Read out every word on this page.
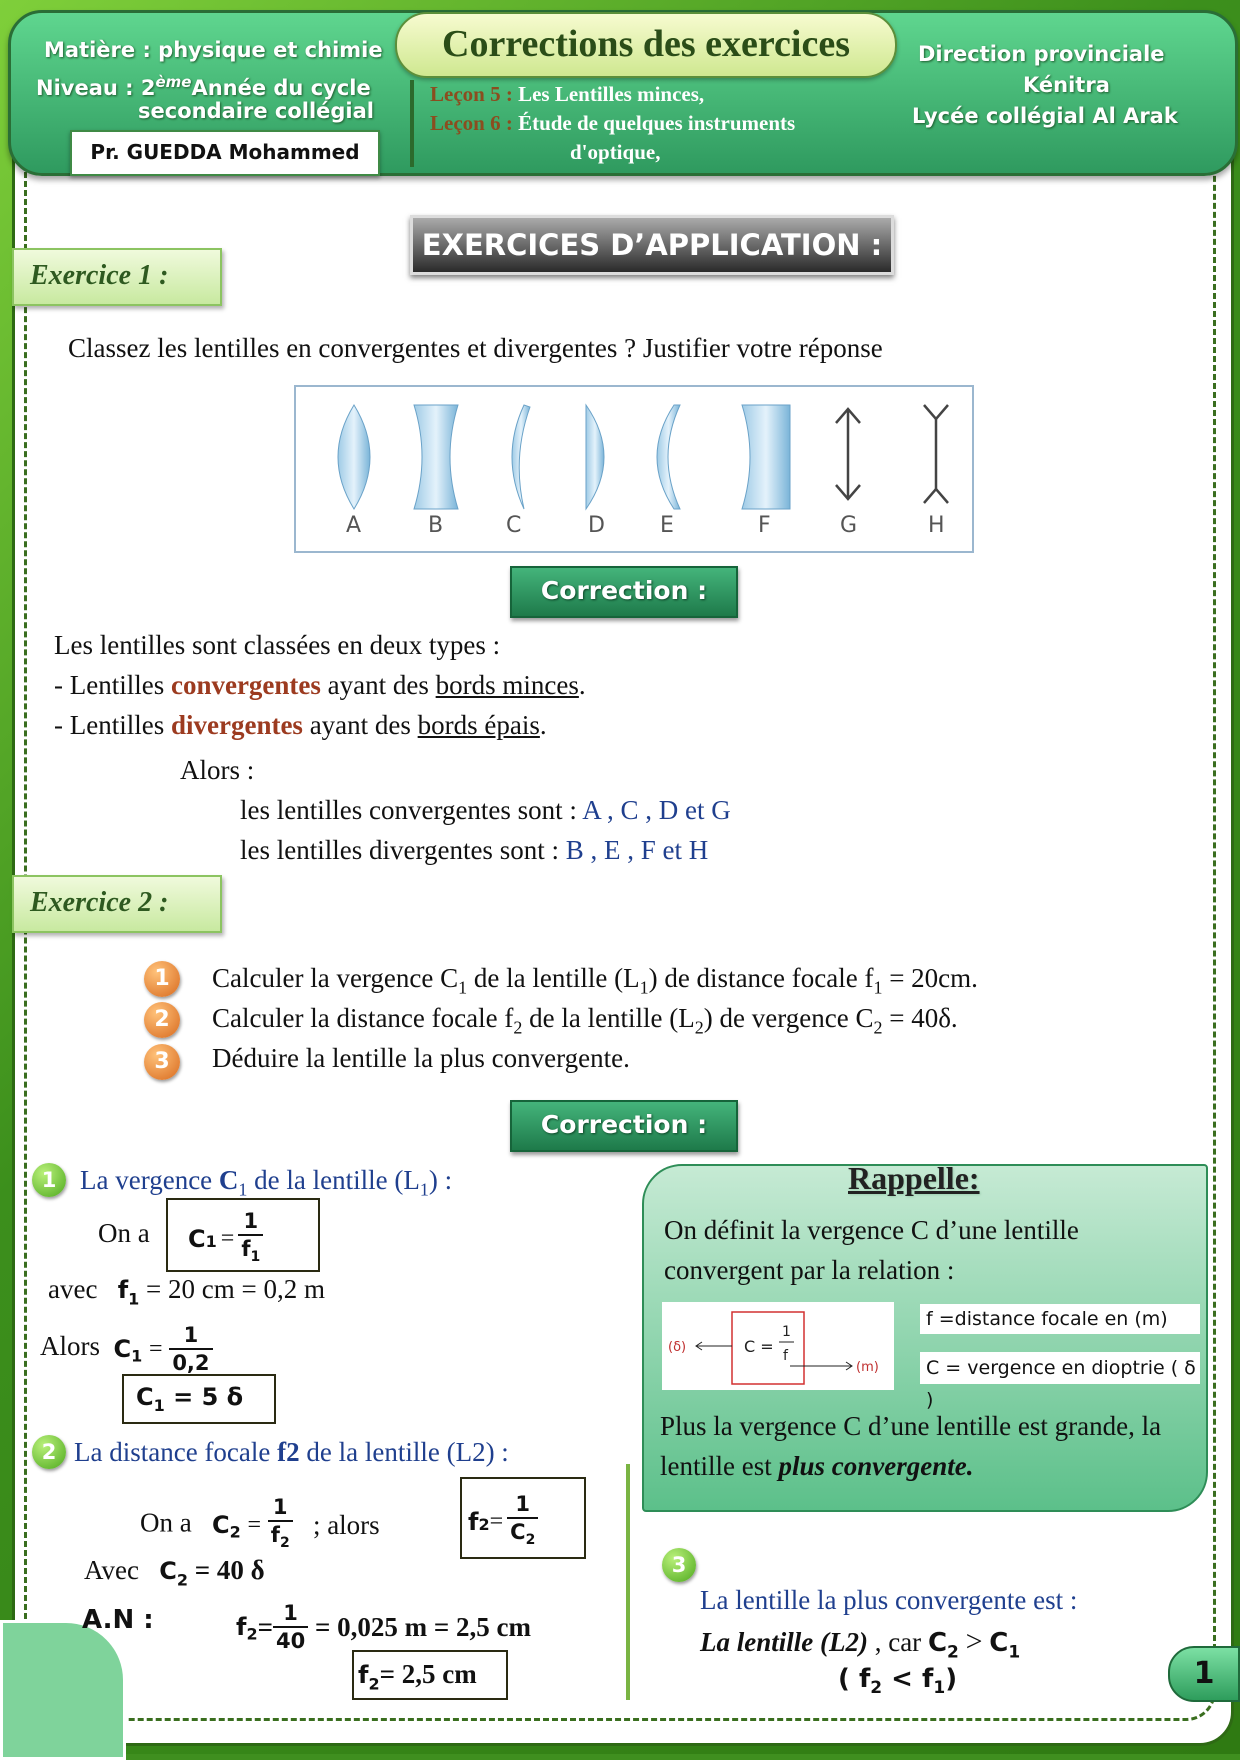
Matière : physique et chimie
Niveau : 2èmeAnnée du cycle
secondaire collégial
Pr. GUEDDA Mohammed
Corrections des exercices
Leçon 5 : Les Lentilles minces,
Leçon 6 : Étude de quelques instruments
d'optique,
Direction provinciale
Kénitra
Lycée collégial Al Arak
EXERCICES D’APPLICATION :
Exercice 1 :
Classez les lentilles en convergentes et divergentes ? Justifier votre réponse
A	B	C	D	E	F	G	H
Correction :
Les lentilles sont classées en deux types :
- Lentilles convergentes ayant des bords minces.
- Lentilles divergentes ayant des bords épais.
Alors :
les lentilles convergentes sont : A , C , D et G
les lentilles divergentes sont : B , E , F et H
Exercice 2 :
1	Calculer la vergence $C_1$ de la lentille $(L_1)$ de distance focale $f_1 = 20cm$.
2	Calculer la distance focale $f_2$ de la lentille $(L_2)$ de vergence $C_2 = 40\delta$.
3	Déduire la lentille la plus convergente.
Correction :
1 La vergence $C_1$ de la lentille $(L_1)$ :
On a $C_1 = \frac{1}{f_1}$
avec $f_1 = 20$ cm = 0,2 m
Alors $C_1 = \frac{1}{0,2}$
$C_1 = 5$ δ
2 La distance focale f2 de la lentille (L2) :
On a $C_2 = \frac{1}{f_2}$ ; alors	$f_2= \frac{1}{C_2}$
Avec $C_2 = 40$ δ
A.N :	$f_2= \frac{1}{40} = 0,025$ m = 2,5 cm
$f_2= 2,5$ cm
Rappelle:
On définit la vergence C d’une lentille convergent par la relation :
(δ)	C =
1
f
(m)
f =distance focale en (m)
C = vergence en dioptrie ( δ )
Plus la vergence C d’une lentille est grande, la lentille est plus convergente.
3
La lentille la plus convergente est :
La lentille (L2) , car $C_2 > C_1$
( $f_2 < f_1$)	1
